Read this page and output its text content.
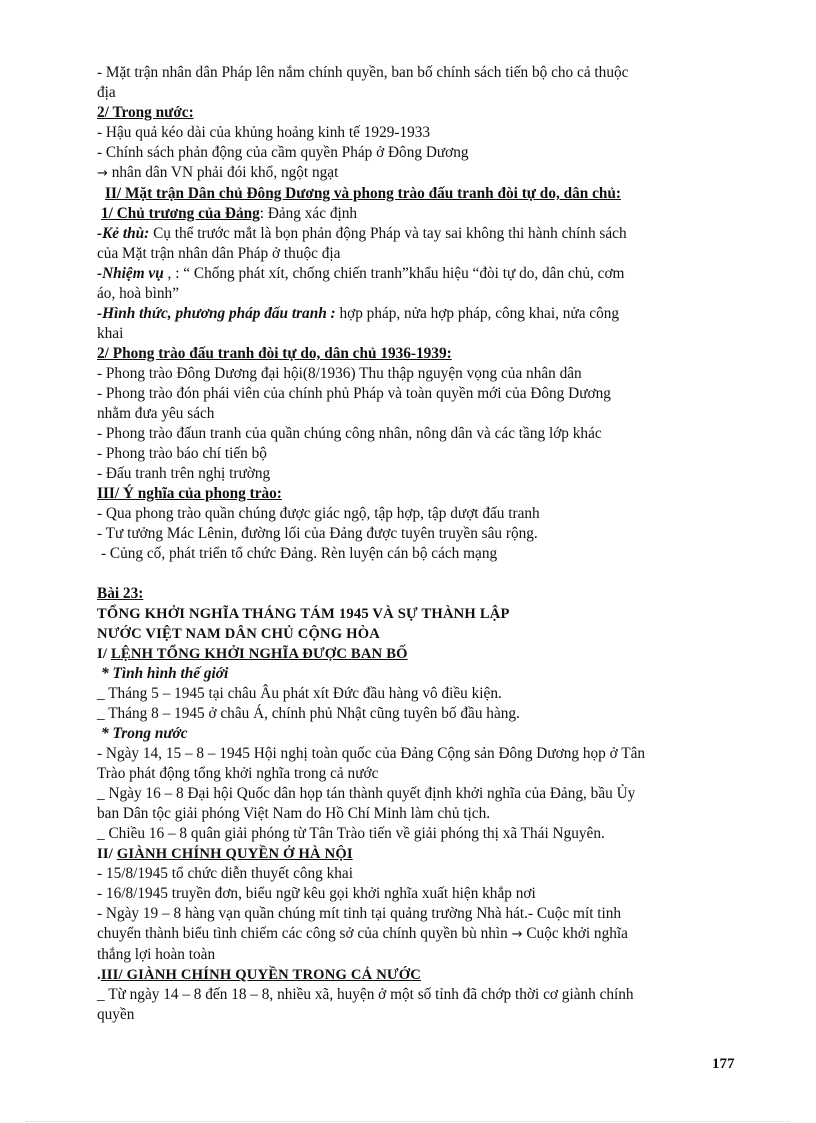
- Mặt trận nhân dân Pháp lên nắm chính quyền, ban bố chính sách tiến bộ cho cả thuộc
địa
2/ Trong nước:
- Hậu quả kéo dài của khủng hoảng kinh tế 1929-1933
- Chính sách phản động của cầm quyền Pháp ở Đông Dương
→ nhân dân VN phải đói khổ, ngột ngạt
II/ Mặt trận Dân chủ Đông Dương và phong trào đấu tranh đòi tự do, dân chủ:
1/ Chủ trương của Đảng: Đảng xác định
-Kẻ thù: Cụ thể trước mắt là bọn phản động Pháp và tay sai không thi hành chính sách
của Mặt trận nhân dân Pháp ở thuộc địa
-Nhiệm vụ , : “ Chống phát xít, chống chiến tranh”khẩu hiệu “đòi tự do, dân chủ, cơm
áo, hoà bình”
-Hình thức, phương pháp đấu tranh : hợp pháp, nửa hợp pháp, công khai, nửa công
khai
2/ Phong trào đấu tranh đòi tự do, dân chủ 1936-1939:
- Phong trào Đông Dương đại hội(8/1936) Thu thập nguyện vọng của nhân dân
- Phong trào đón phái viên của chính phủ Pháp và toàn quyền mới của Đông Dương
nhằm đưa yêu sách
- Phong trào đấun tranh của quần chúng công nhân, nông dân và các tầng lớp khác
- Phong trào báo chí tiến bộ
- Đấu tranh trên nghị trường
III/ Ý nghĩa của phong trào:
- Qua phong trào quần chúng được giác ngộ, tập hợp, tập dượt đấu tranh
- Tư tưởng Mác Lênin, đường lối của Đảng được tuyên truyền sâu rộng.
- Củng cố, phát triển tổ chức Đảng. Rèn luyện cán bộ cách mạng
Bài 23:
TỔNG KHỞI NGHĨA THÁNG TÁM 1945 VÀ SỰ THÀNH LẬP
NƯỚC VIỆT NAM DÂN CHỦ CỘNG HÒA
I/ LỆNH TỔNG KHỞI NGHĨA ĐƯỢC BAN BỐ
* Tình hình thế giới
_ Tháng 5 – 1945 tại châu Âu phát xít Đức đầu hàng vô điều kiện.
_ Tháng 8 – 1945 ở châu Á, chính phủ Nhật cũng tuyên bố đầu hàng.
* Trong nước
- Ngày 14, 15 – 8 – 1945 Hội nghị toàn quốc của Đảng Cộng sản Đông Dương họp ở Tân
Trào phát động tổng khởi nghĩa trong cả nước
_ Ngày 16 – 8 Đại hội Quốc dân họp tán thành quyết định khởi nghĩa của Đảng, bầu Ủy
ban Dân tộc giải phóng Việt Nam do Hồ Chí Minh làm chủ tịch.
_ Chiều 16 – 8 quân giải phóng từ Tân Trào tiến về giải phóng thị xã Thái Nguyên.
II/ GIÀNH CHÍNH QUYỀN Ở HÀ NỘI
- 15/8/1945 tổ chức diễn thuyết công khai
- 16/8/1945 truyền đơn, biểu ngữ kêu gọi khởi nghĩa xuất hiện khắp nơi
- Ngày 19 – 8 hàng vạn quần chúng mít tinh tại quảng trường Nhà hát.- Cuộc mít tinh
chuyển thành biểu tình chiếm các công sở của chính quyền bù nhìn → Cuộc khởi nghĩa
thắng lợi hoàn toàn
.III/ GIÀNH CHÍNH QUYỀN TRONG CẢ NƯỚC
_ Từ ngày 14 – 8 đến 18 – 8, nhiều xã, huyện ở một số tỉnh đã chớp thời cơ giành chính
quyền
177
